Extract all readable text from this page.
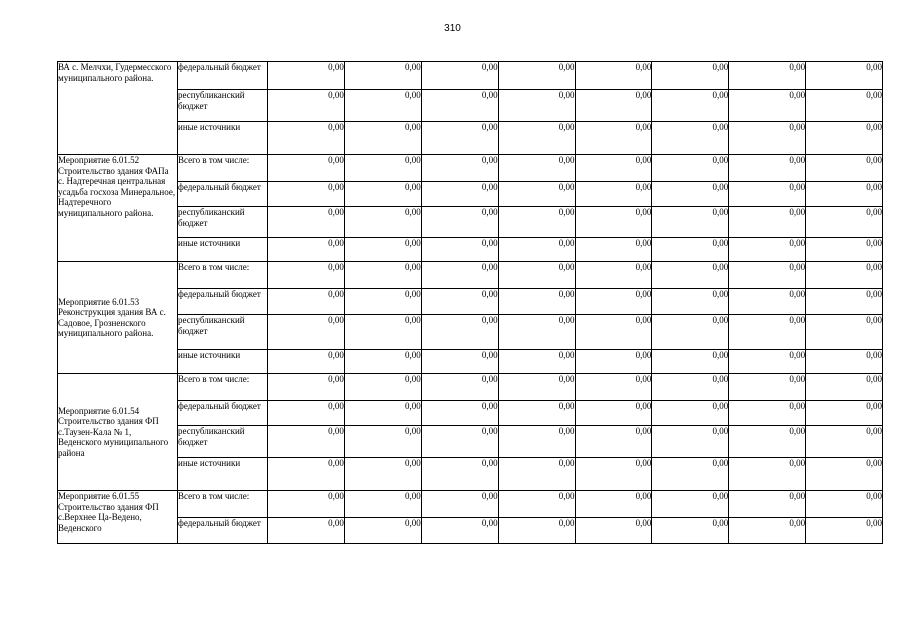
310
ВА с. Мелчхи, Гудермесского муниципального района.	федеральный бюджет	0,00	0,00	0,00	0,00	0,00	0,00	0,00	0,00
	республиканский бюджет	0,00	0,00	0,00	0,00	0,00	0,00	0,00	0,00
	иные источники	0,00	0,00	0,00	0,00	0,00	0,00	0,00	0,00
Мероприятие 6.01.52 Строительство здания ФАПа с. Надтеречная центральная усадьба госхоза Минеральное, Надтеречного муниципального района.	Всего в том числе:	0,00	0,00	0,00	0,00	0,00	0,00	0,00	0,00
	федеральный бюджет	0,00	0,00	0,00	0,00	0,00	0,00	0,00	0,00
	республиканский бюджет	0,00	0,00	0,00	0,00	0,00	0,00	0,00	0,00
	иные источники	0,00	0,00	0,00	0,00	0,00	0,00	0,00	0,00
Мероприятие 6.01.53 Реконструкция здания ВА с. Садовое, Грозненского муниципального района.	Всего в том числе:	0,00	0,00	0,00	0,00	0,00	0,00	0,00	0,00
	федеральный бюджет	0,00	0,00	0,00	0,00	0,00	0,00	0,00	0,00
	республиканский бюджет	0,00	0,00	0,00	0,00	0,00	0,00	0,00	0,00
	иные источники	0,00	0,00	0,00	0,00	0,00	0,00	0,00	0,00
Мероприятие 6.01.54 Строительство здания ФП с.Таузен-Кала № 1, Веденского муниципального района	Всего в том числе:	0,00	0,00	0,00	0,00	0,00	0,00	0,00	0,00
	федеральный бюджет	0,00	0,00	0,00	0,00	0,00	0,00	0,00	0,00
	республиканский бюджет	0,00	0,00	0,00	0,00	0,00	0,00	0,00	0,00
	иные источники	0,00	0,00	0,00	0,00	0,00	0,00	0,00	0,00
Мероприятие 6.01.55 Строительство здания ФП с.Верхнее Ца-Ведено, Веденского	Всего в том числе:	0,00	0,00	0,00	0,00	0,00	0,00	0,00	0,00
	федеральный бюджет	0,00	0,00	0,00	0,00	0,00	0,00	0,00	0,00
